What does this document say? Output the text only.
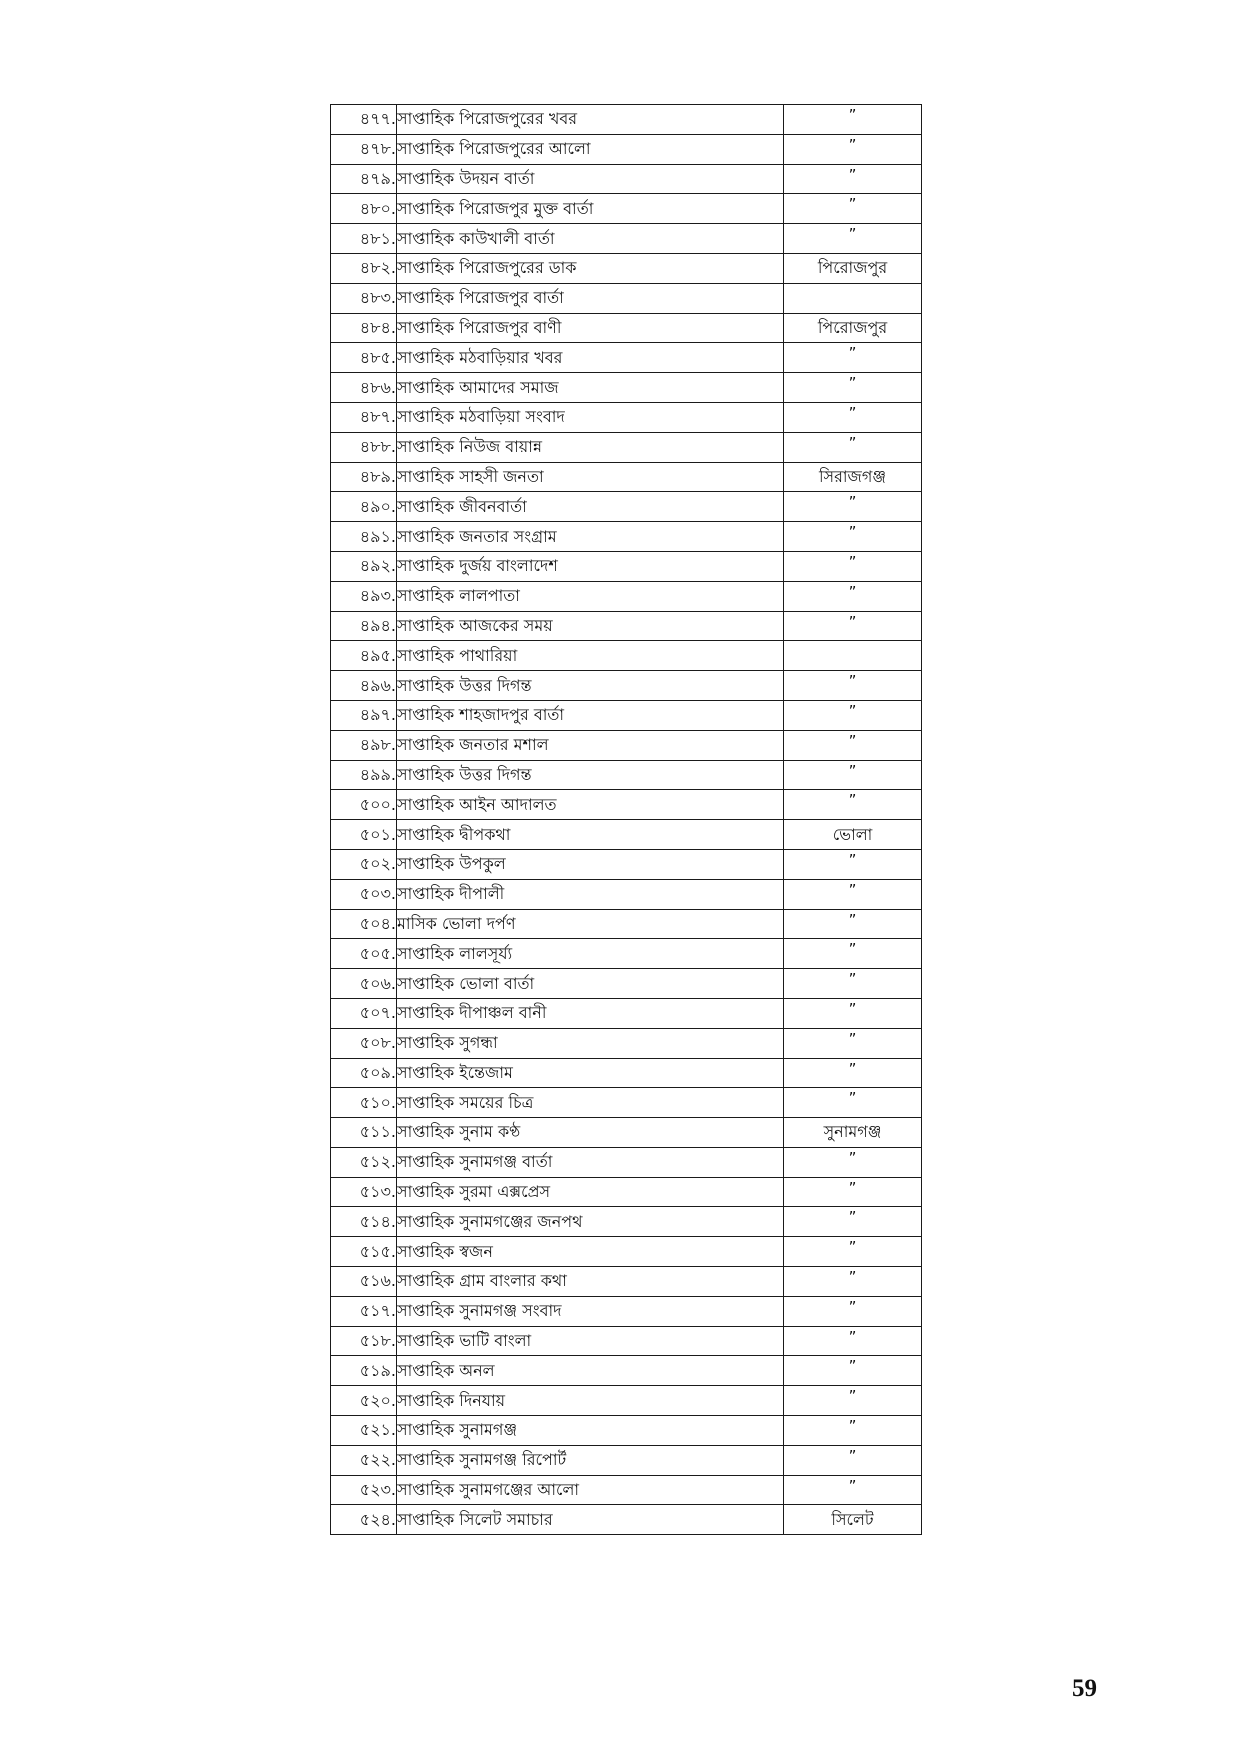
৪৭৭.	সাপ্তাহিক পিরোজপুরের খবর	”
৪৭৮.	সাপ্তাহিক পিরোজপুরের আলো	”
৪৭৯.	সাপ্তাহিক উদয়ন বার্তা	”
৪৮০.	সাপ্তাহিক পিরোজপুর মুক্ত বার্তা	”
৪৮১.	সাপ্তাহিক কাউখালী বার্তা	”
৪৮২.	সাপ্তাহিক পিরোজপুরের ডাক	পিরোজপুর
৪৮৩.	সাপ্তাহিক পিরোজপুর বার্তা	
৪৮৪.	সাপ্তাহিক পিরোজপুর বাণী	পিরোজপুর
৪৮৫.	সাপ্তাহিক মঠবাড়িয়ার খবর	”
৪৮৬.	সাপ্তাহিক আমাদের সমাজ	”
৪৮৭.	সাপ্তাহিক মঠবাড়িয়া সংবাদ	”
৪৮৮.	সাপ্তাহিক নিউজ বায়ান্ন	”
৪৮৯.	সাপ্তাহিক সাহসী জনতা	সিরাজগঞ্জ
৪৯০.	সাপ্তাহিক জীবনবার্তা	”
৪৯১.	সাপ্তাহিক জনতার সংগ্রাম	”
৪৯২.	সাপ্তাহিক দুর্জয় বাংলাদেশ	”
৪৯৩.	সাপ্তাহিক লালপাতা	”
৪৯৪.	সাপ্তাহিক আজকের সময়	”
৪৯৫.	সাপ্তাহিক পাথারিয়া	
৪৯৬.	সাপ্তাহিক উত্তর দিগন্ত	”
৪৯৭.	সাপ্তাহিক শাহজাদপুর বার্তা	”
৪৯৮.	সাপ্তাহিক জনতার মশাল	”
৪৯৯.	সাপ্তাহিক উত্তর দিগন্ত	”
৫০০.	সাপ্তাহিক আইন আদালত	”
৫০১.	সাপ্তাহিক দ্বীপকথা	ভোলা
৫০২.	সাপ্তাহিক উপকুল	”
৫০৩.	সাপ্তাহিক দীপালী	”
৫০৪.	মাসিক ভোলা দর্পণ	”
৫০৫.	সাপ্তাহিক লালসূর্য্য	”
৫০৬.	সাপ্তাহিক ভোলা বার্তা	”
৫০৭.	সাপ্তাহিক দীপাঞ্চল বানী	”
৫০৮.	সাপ্তাহিক সুগন্ধা	”
৫০৯.	সাপ্তাহিক ইন্তেজাম	”
৫১০.	সাপ্তাহিক সময়ের চিত্র	”
৫১১.	সাপ্তাহিক সুনাম কণ্ঠ	সুনামগঞ্জ
৫১২.	সাপ্তাহিক সুনামগঞ্জ বার্তা	”
৫১৩.	সাপ্তাহিক সুরমা এক্সপ্রেস	”
৫১৪.	সাপ্তাহিক সুনামগঞ্জের জনপথ	”
৫১৫.	সাপ্তাহিক স্বজন	”
৫১৬.	সাপ্তাহিক গ্রাম বাংলার কথা	”
৫১৭.	সাপ্তাহিক সুনামগঞ্জ সংবাদ	”
৫১৮.	সাপ্তাহিক ভাটি বাংলা	”
৫১৯.	সাপ্তাহিক অনল	”
৫২০.	সাপ্তাহিক দিনযায়	”
৫২১.	সাপ্তাহিক সুনামগঞ্জ	”
৫২২.	সাপ্তাহিক সুনামগঞ্জ রিপোর্ট	”
৫২৩.	সাপ্তাহিক সুনামগঞ্জের আলো	”
৫২৪.	সাপ্তাহিক সিলেট সমাচার	সিলেট
59
